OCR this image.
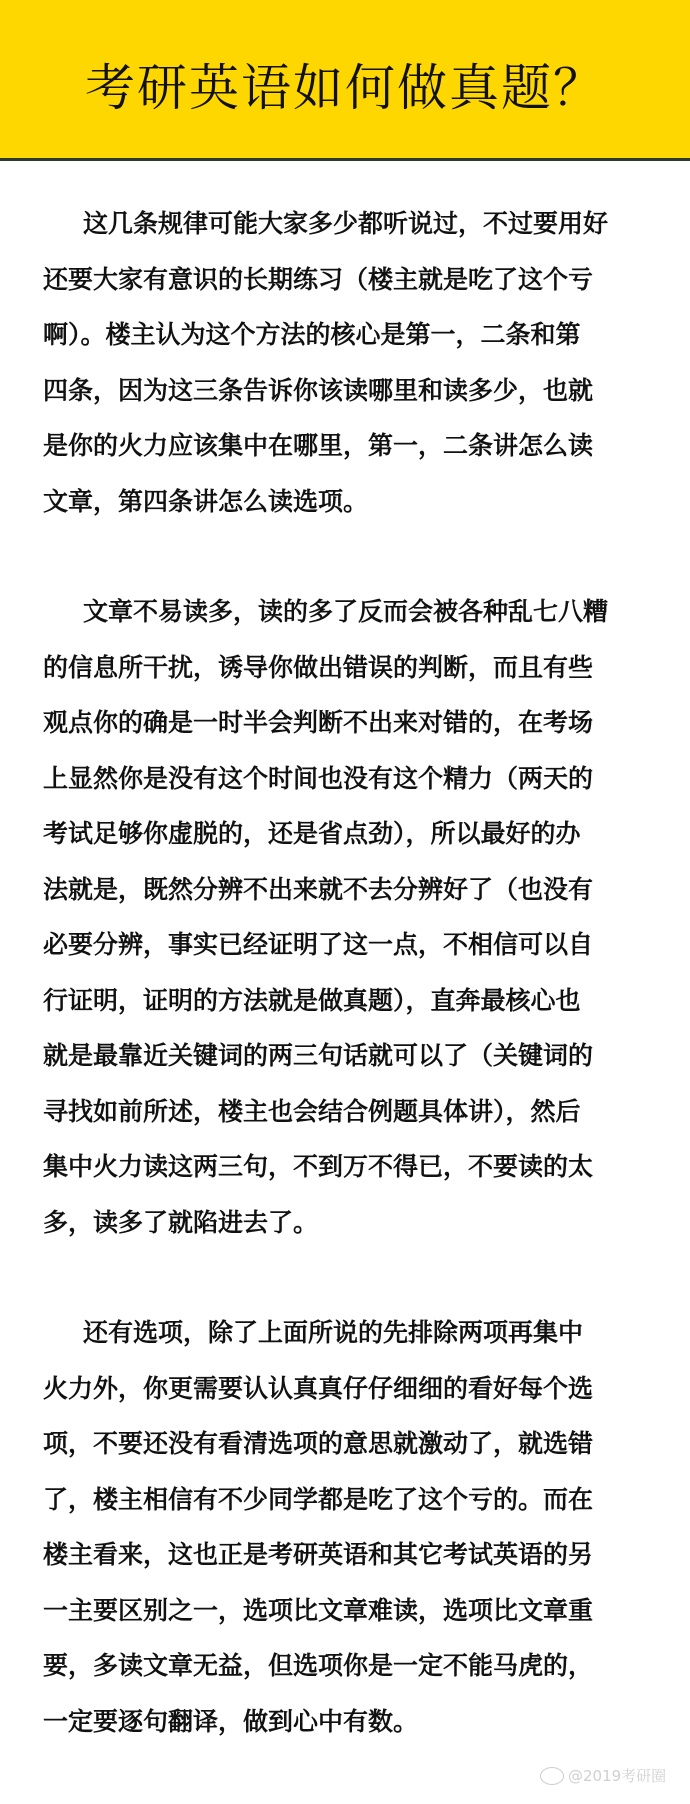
考研英语如何做真题？
这几条规律可能大家多少都听说过，不过要用好
还要大家有意识的长期练习（楼主就是吃了这个亏
啊）。楼主认为这个方法的核心是第一，二条和第
四条，因为这三条告诉你该读哪里和读多少，也就
是你的火力应该集中在哪里，第一，二条讲怎么读
文章，第四条讲怎么读选项。
文章不易读多，读的多了反而会被各种乱七八糟
的信息所干扰，诱导你做出错误的判断，而且有些
观点你的确是一时半会判断不出来对错的，在考场
上显然你是没有这个时间也没有这个精力（两天的
考试足够你虚脱的，还是省点劲），所以最好的办
法就是，既然分辨不出来就不去分辨好了（也没有
必要分辨，事实已经证明了这一点，不相信可以自
行证明，证明的方法就是做真题），直奔最核心也
就是最靠近关键词的两三句话就可以了（关键词的
寻找如前所述，楼主也会结合例题具体讲），然后
集中火力读这两三句，不到万不得已，不要读的太
多，读多了就陷进去了。
还有选项，除了上面所说的先排除两项再集中
火力外，你更需要认认真真仔仔细细的看好每个选
项，不要还没有看清选项的意思就激动了，就选错
了，楼主相信有不少同学都是吃了这个亏的。而在
楼主看来，这也正是考研英语和其它考试英语的另
一主要区别之一，选项比文章难读，选项比文章重
要，多读文章无益，但选项你是一定不能马虎的，
一定要逐句翻译，做到心中有数。
@2019考研圈
